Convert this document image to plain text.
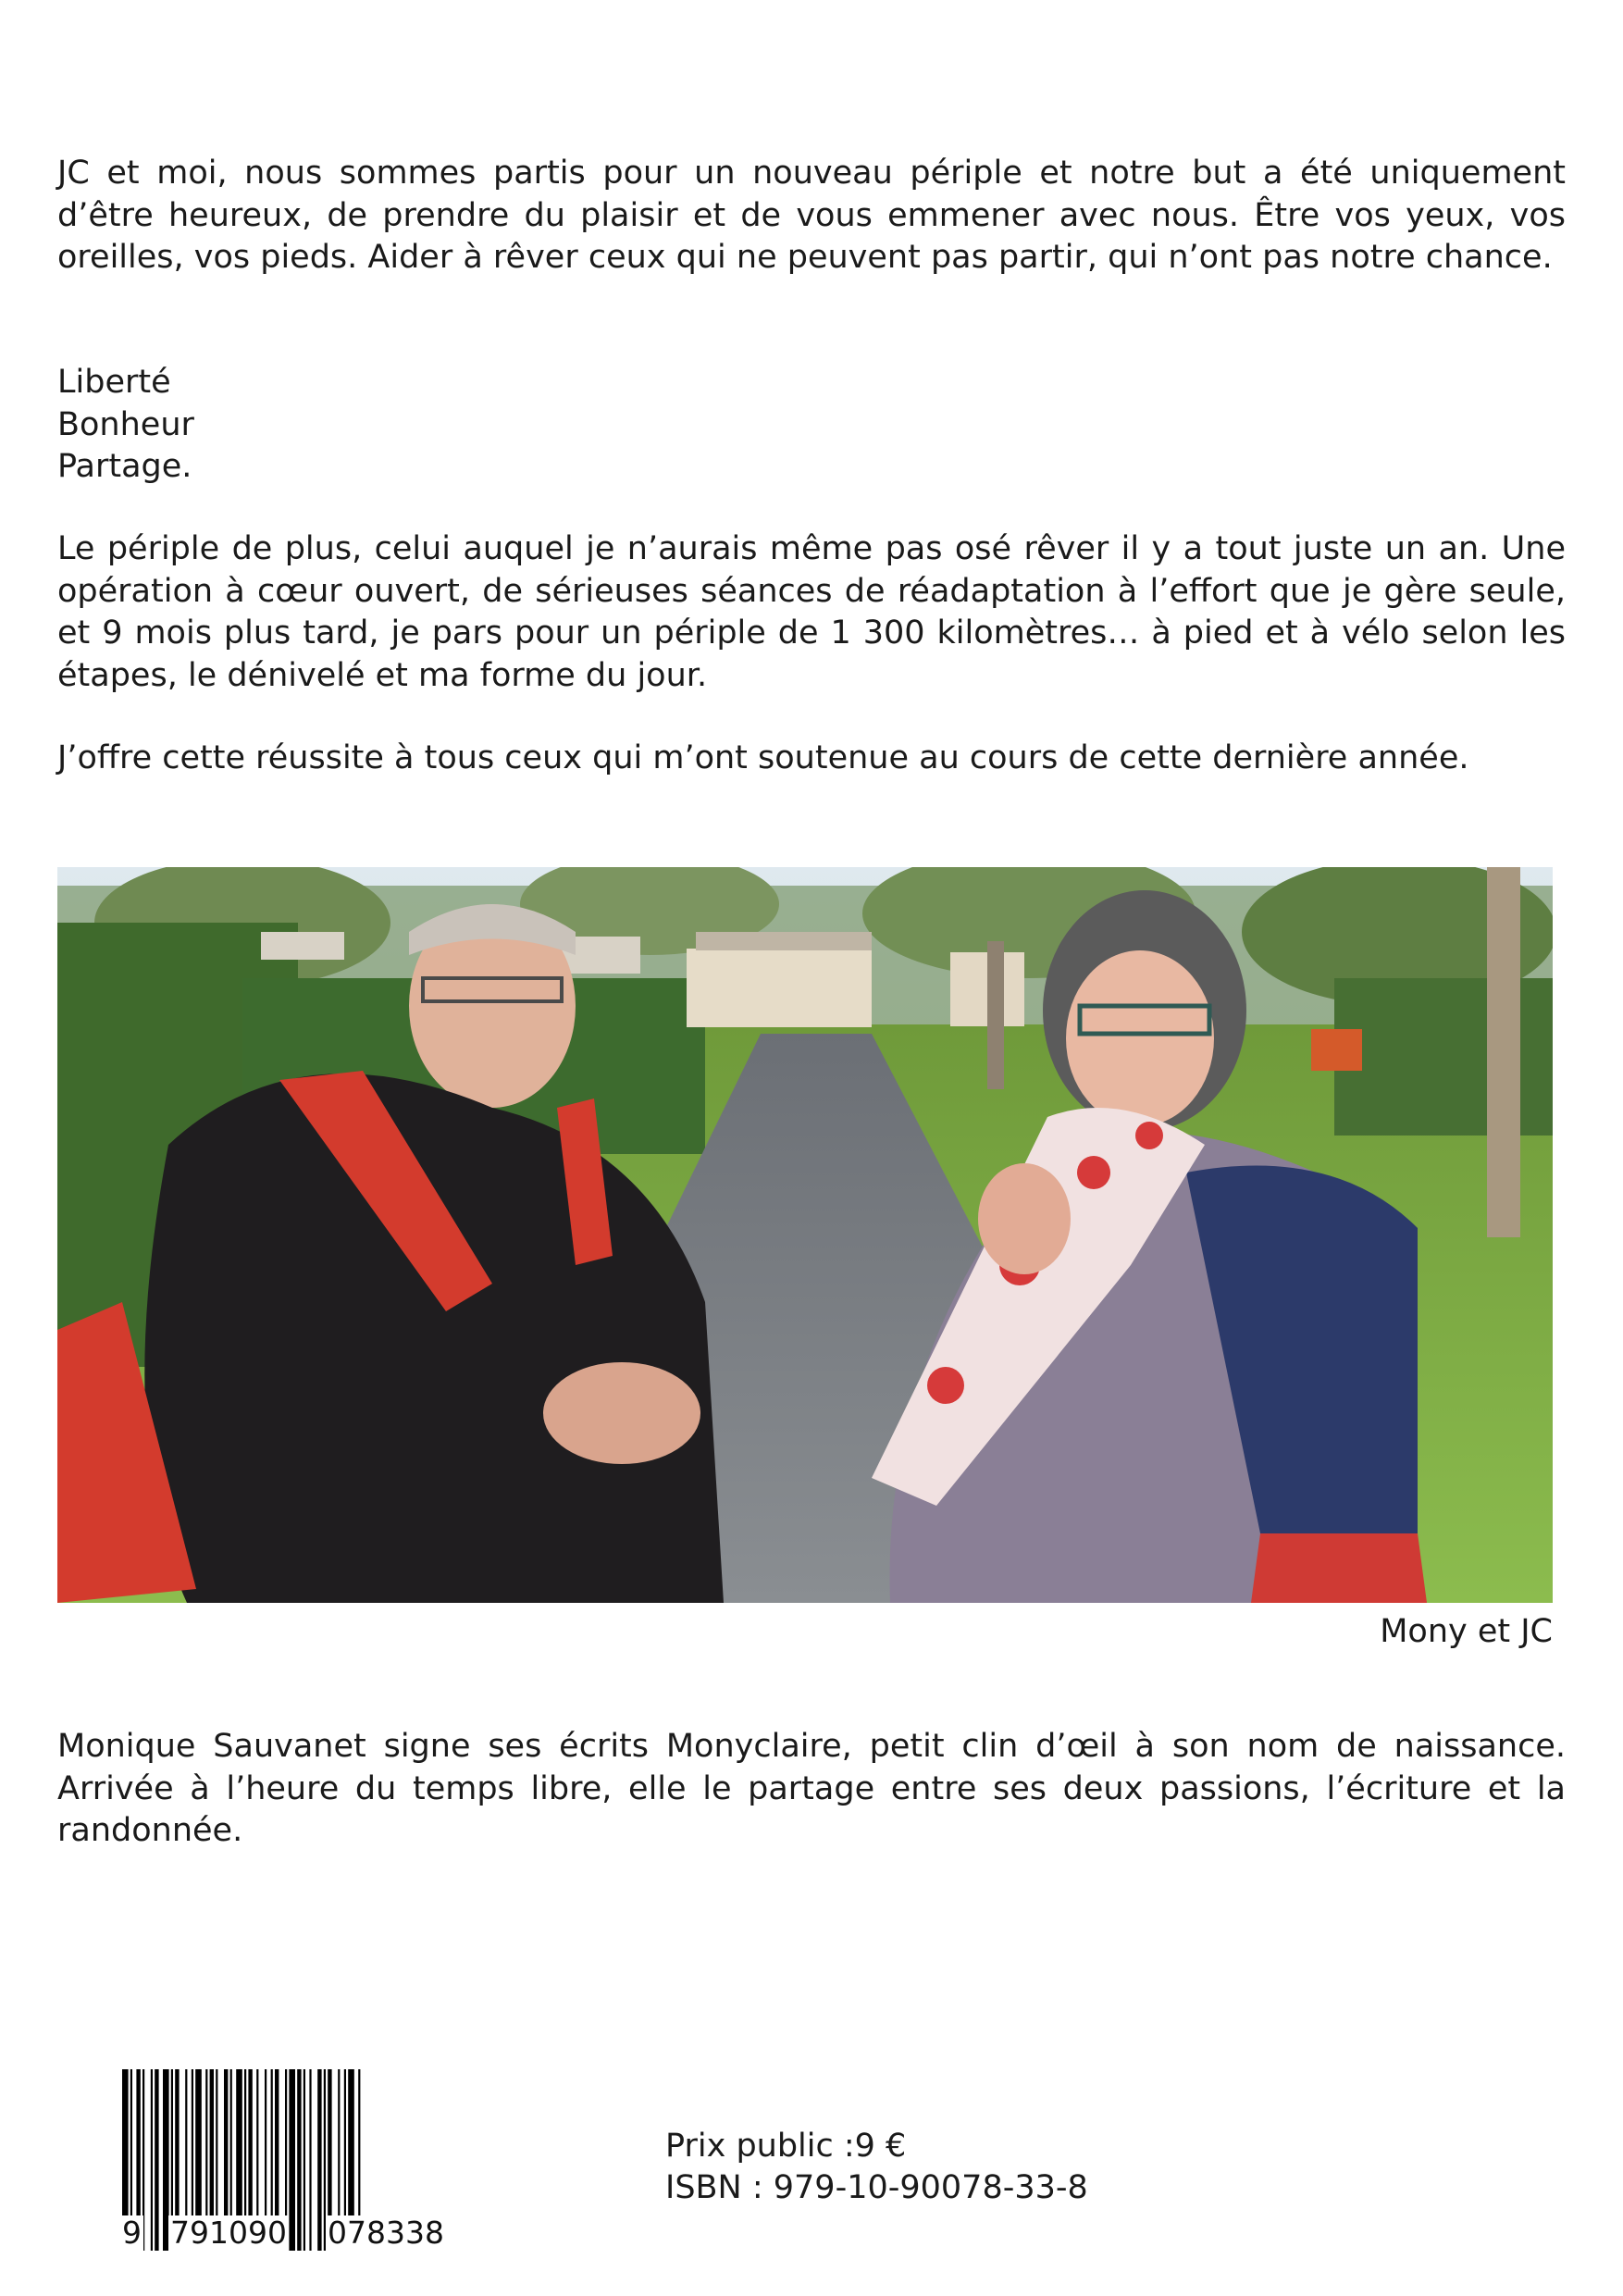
JC et moi, nous sommes partis pour un nouveau périple et notre but a été uniquement d’être heureux, de prendre du plaisir et de vous emmener avec nous. Être vos yeux, vos oreilles, vos pieds. Aider à rêver ceux qui ne peuvent pas partir, qui n’ont pas notre chance.

Liberté
Bonheur
Partage.

Le périple de plus, celui auquel je n’aurais même pas osé rêver il y a tout juste un an. Une opération à cœur ouvert, de sérieuses séances de réadaptation à l’effort que je gère seule, et 9 mois plus tard, je pars pour un périple de 1 300 kilomètres… à pied et à vélo selon les étapes, le dénivelé et ma forme du jour.

J’offre cette réussite à tous ceux qui m’ont soutenue au cours de cette dernière année.

Mony et JC

Monique Sauvanet signe ses écrits Monyclaire, petit clin d’œil à son nom de naissance. Arrivée à l’heure du temps libre, elle le partage entre ses deux passions, l’écriture et la randonnée.

9 791090 078338
Prix public :9 €
ISBN : 979-10-90078-33-8
